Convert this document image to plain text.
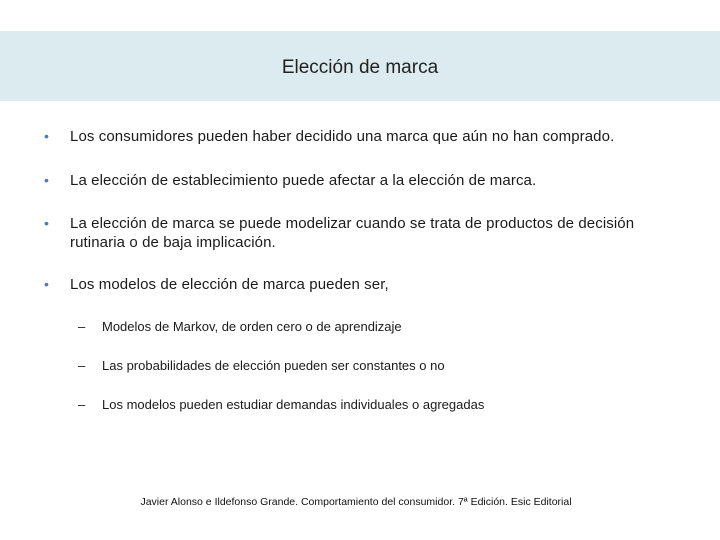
Elección de marca
•	Los consumidores pueden haber decidido una marca que aún no han comprado.
•	La elección de establecimiento puede afectar a la elección de marca.
•	La elección de marca se puede modelizar cuando se trata de productos de decisión rutinaria o de baja implicación.
•	Los modelos de elección de marca pueden ser,
–	Modelos de Markov, de orden cero o de aprendizaje
–	Las probabilidades de elección pueden ser constantes o no
–	Los modelos pueden estudiar demandas individuales o agregadas
Javier Alonso e Ildefonso Grande. Comportamiento del consumidor. 7ª Edición. Esic Editorial
